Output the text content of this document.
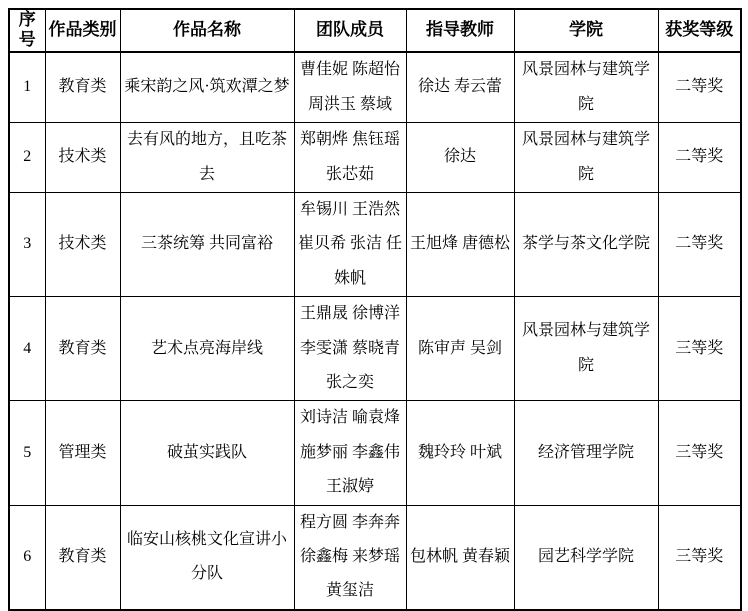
序号	作品类别	作品名称	团队成员	指导教师	学院	获奖等级
1	教育类	乘宋韵之风·筑欢潭之梦	曹佳妮 陈超怡 周洪玉 蔡域	徐达 寿云蕾	风景园林与建筑学院	二等奖
2	技术类	去有风的地方，且吃茶去	郑朝烨 焦钰瑶 张芯茹	徐达	风景园林与建筑学院	二等奖
3	技术类	三茶统筹 共同富裕	牟锡川 王浩然 崔贝希 张洁 任姝帆	王旭烽 唐德松	茶学与茶文化学院	二等奖
4	教育类	艺术点亮海岸线	王鼎晟 徐博洋 李雯潇 蔡晓青 张之奕	陈审声 吴剑	风景园林与建筑学院	三等奖
5	管理类	破茧实践队	刘诗洁 喻袁烽 施梦丽 李鑫伟 王淑婷	魏玲玲 叶斌	经济管理学院	三等奖
6	教育类	临安山核桃文化宣讲小分队	程方圆 李奔奔 徐鑫梅 来梦瑶 黄玺洁	包林帆 黄春颖	园艺科学学院	三等奖
